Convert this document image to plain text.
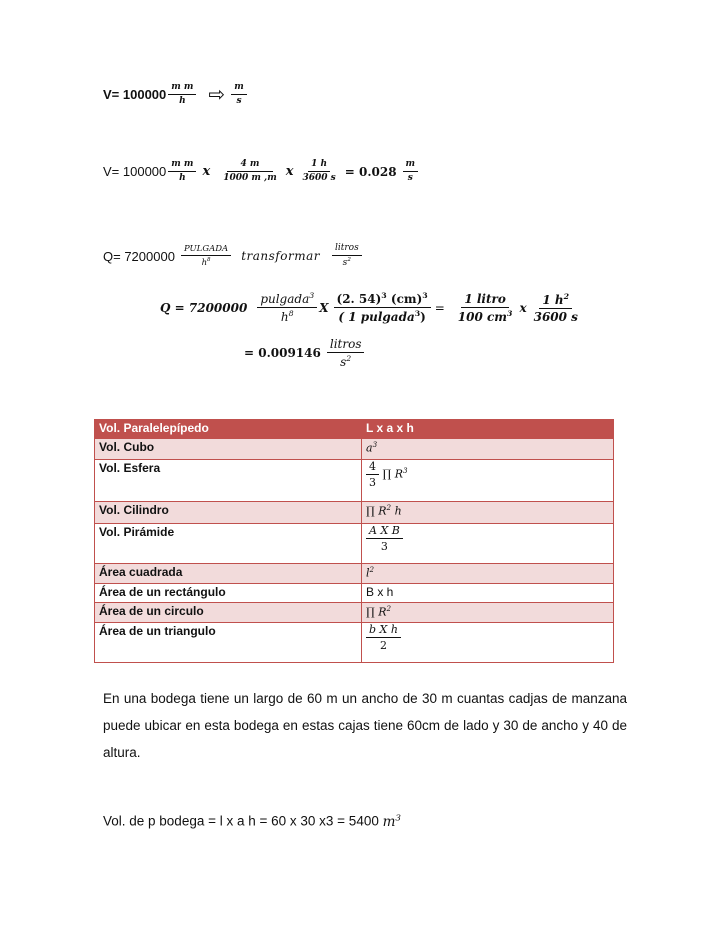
$V= 100000 \frac{\text{m m}}{h}$ ⇨ $\frac{m}{s}$
$V= 100000 \frac{\text{m m}}{h}$ x $\frac{4 m}{1000 m ,m}$ x $\frac{1 h}{3600 s} = 0.028 \frac{m}{s}$
$Q= 7200000 \frac{\text{PULGADA}}{h^8}$ transformar $\frac{\text{litros}}{s^2}$
$Q = 7200000 \frac{pulgada^3}{h^8}$ X $\frac{(2. 54)^3 (cm)^3}{( 1 pulgada^3)} = \frac{\text{1 litro}}{100 cm^3}$ x $\frac{1 h^2}{3600 s}$
= $0.009146 \frac{\text{litros}}{s^2}$
Vol. Paralelepípedo	L x a x h
Vol. Cubo	$a^3$
Vol. Esfera	$\frac{4}{3}$ ∏ $R^3$
Vol. Cilindro	∏ $R^2$ h
Vol. Pirámide	$\frac{\text{A X B}}{3}$

Área cuadrada	$l^2$
Área de un rectángulo	B x h
Área de un circulo	∏ $R^2$
Área de un triangulo	$\frac{\text{b X h}}{2}$

En una bodega tiene un largo de 60 m un ancho de 30 m cuantas cadjas de manzana puede ubicar en esta bodega en estas cajas tiene 60cm de lado y 30 de ancho y 40 de altura.

Vol. de p bodega = l x a h = 60 x 30 x3 = 5400 $m^3$
